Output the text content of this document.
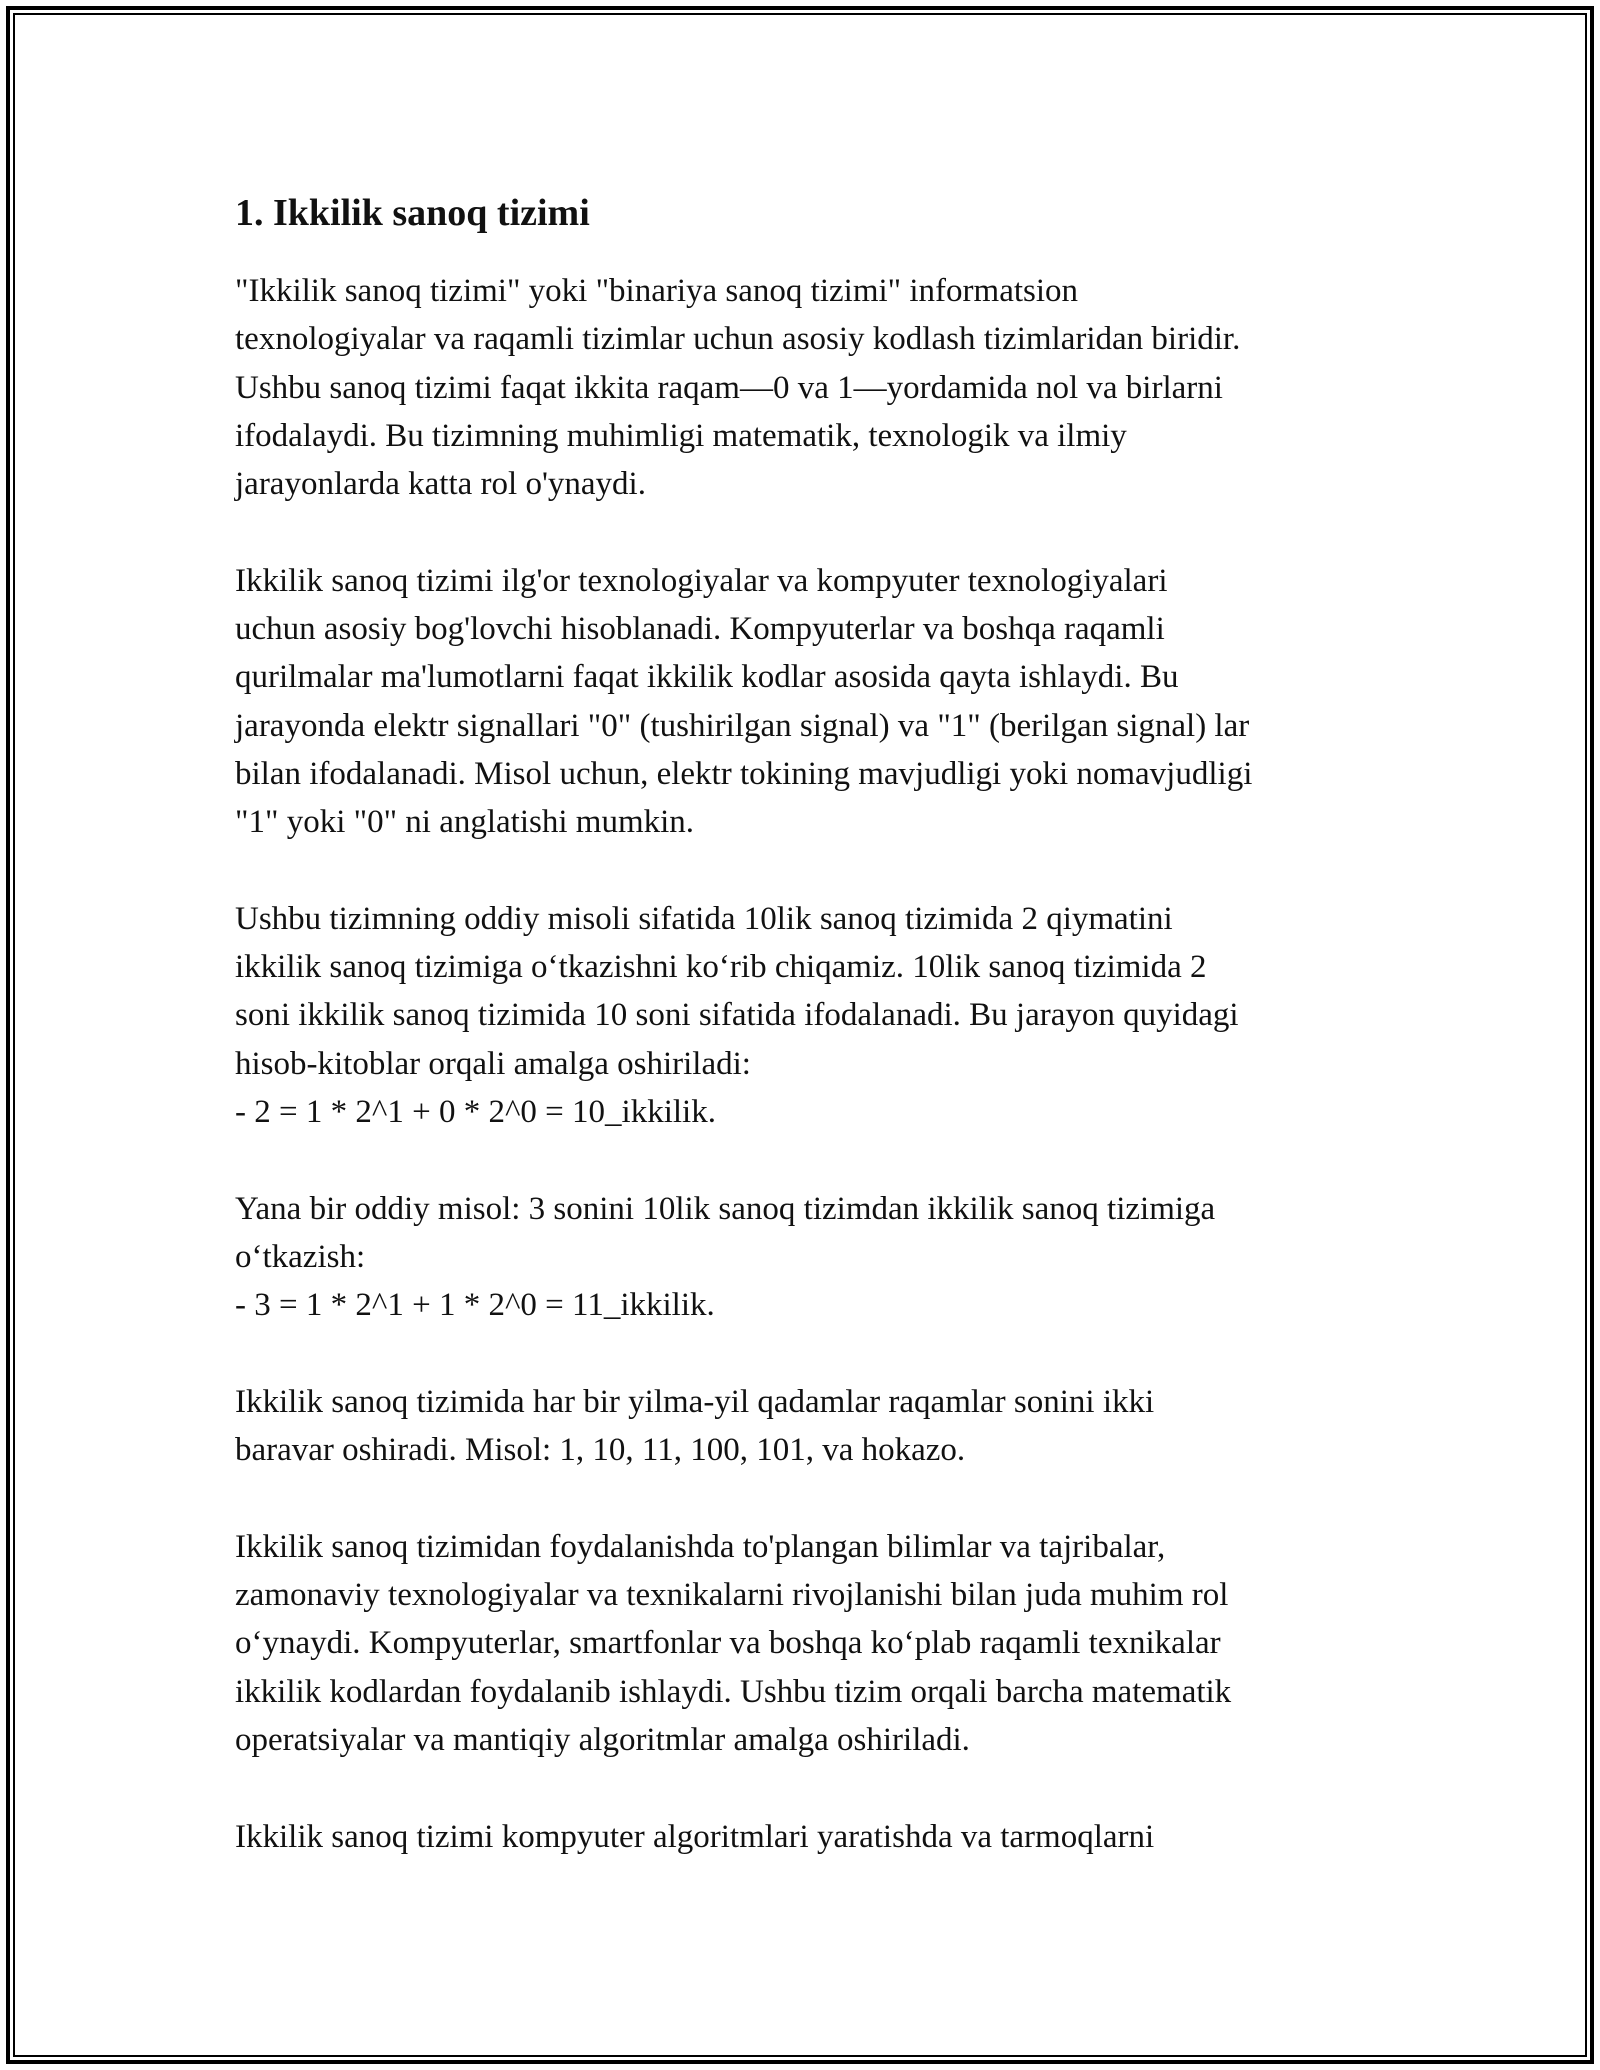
1. Ikkilik sanoq tizimi

"Ikkilik sanoq tizimi" yoki "binariya sanoq tizimi" informatsion
texnologiyalar va raqamli tizimlar uchun asosiy kodlash tizimlaridan biridir.
Ushbu sanoq tizimi faqat ikkita raqam—0 va 1—yordamida nol va birlarni
ifodalaydi. Bu tizimning muhimligi matematik, texnologik va ilmiy
jarayonlarda katta rol o'ynaydi.

Ikkilik sanoq tizimi ilg'or texnologiyalar va kompyuter texnologiyalari
uchun asosiy bog'lovchi hisoblanadi. Kompyuterlar va boshqa raqamli
qurilmalar ma'lumotlarni faqat ikkilik kodlar asosida qayta ishlaydi. Bu
jarayonda elektr signallari "0" (tushirilgan signal) va "1" (berilgan signal) lar
bilan ifodalanadi. Misol uchun, elektr tokining mavjudligi yoki nomavjudligi
"1" yoki "0" ni anglatishi mumkin.

Ushbu tizimning oddiy misoli sifatida 10lik sanoq tizimida 2 qiymatini
ikkilik sanoq tizimiga o‘tkazishni ko‘rib chiqamiz. 10lik sanoq tizimida 2
soni ikkilik sanoq tizimida 10 soni sifatida ifodalanadi. Bu jarayon quyidagi
hisob-kitoblar orqali amalga oshiriladi:
- 2 = 1 * 2^1 + 0 * 2^0 = 10_ikkilik.

Yana bir oddiy misol: 3 sonini 10lik sanoq tizimdan ikkilik sanoq tizimiga
o‘tkazish:
- 3 = 1 * 2^1 + 1 * 2^0 = 11_ikkilik.

Ikkilik sanoq tizimida har bir yilma-yil qadamlar raqamlar sonini ikki
baravar oshiradi. Misol: 1, 10, 11, 100, 101, va hokazo.

Ikkilik sanoq tizimidan foydalanishda to'plangan bilimlar va tajribalar,
zamonaviy texnologiyalar va texnikalarni rivojlanishi bilan juda muhim rol
o‘ynaydi. Kompyuterlar, smartfonlar va boshqa ko‘plab raqamli texnikalar
ikkilik kodlardan foydalanib ishlaydi. Ushbu tizim orqali barcha matematik
operatsiyalar va mantiqiy algoritmlar amalga oshiriladi.

Ikkilik sanoq tizimi kompyuter algoritmlari yaratishda va tarmoqlarni
